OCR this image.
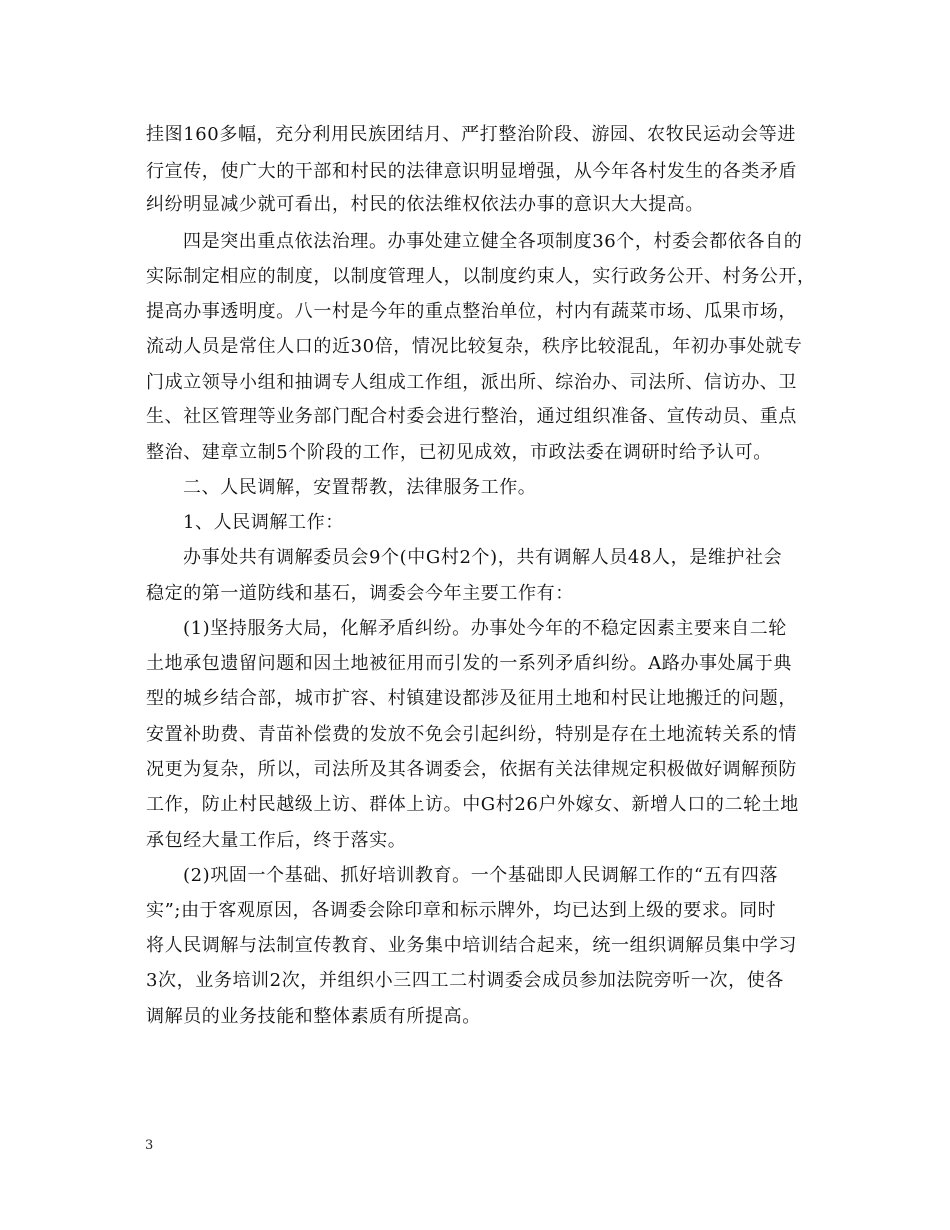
挂图160多幅，充分利用民族团结月、严打整治阶段、游园、农牧民运动会等进
行宣传，使广大的干部和村民的法律意识明显增强，从今年各村发生的各类矛盾
纠纷明显减少就可看出，村民的依法维权依法办事的意识大大提高。
四是突出重点依法治理。办事处建立健全各项制度36个，村委会都依各自的
实际制定相应的制度，以制度管理人，以制度约束人，实行政务公开、村务公开，
提高办事透明度。八一村是今年的重点整治单位，村内有蔬菜市场、瓜果市场，
流动人员是常住人口的近30倍，情况比较复杂，秩序比较混乱，年初办事处就专
门成立领导小组和抽调专人组成工作组，派出所、综治办、司法所、信访办、卫
生、社区管理等业务部门配合村委会进行整治，通过组织准备、宣传动员、重点
整治、建章立制5个阶段的工作，已初见成效，市政法委在调研时给予认可。
二、人民调解，安置帮教，法律服务工作。
1、人民调解工作：
办事处共有调解委员会9个(中G村2个)，共有调解人员48人，是维护社会
稳定的第一道防线和基石，调委会今年主要工作有：
(1)坚持服务大局，化解矛盾纠纷。办事处今年的不稳定因素主要来自二轮
土地承包遗留问题和因土地被征用而引发的一系列矛盾纠纷。A路办事处属于典
型的城乡结合部，城市扩容、村镇建设都涉及征用土地和村民让地搬迁的问题，
安置补助费、青苗补偿费的发放不免会引起纠纷，特别是存在土地流转关系的情
况更为复杂，所以，司法所及其各调委会，依据有关法律规定积极做好调解预防
工作，防止村民越级上访、群体上访。中G村26户外嫁女、新增人口的二轮土地
承包经大量工作后，终于落实。
(2)巩固一个基础、抓好培训教育。一个基础即人民调解工作的“五有四落
实”;由于客观原因，各调委会除印章和标示牌外，均已达到上级的要求。同时
将人民调解与法制宣传教育、业务集中培训结合起来，统一组织调解员集中学习
3次，业务培训2次，并组织小三四工二村调委会成员参加法院旁听一次，使各
调解员的业务技能和整体素质有所提高。
3
